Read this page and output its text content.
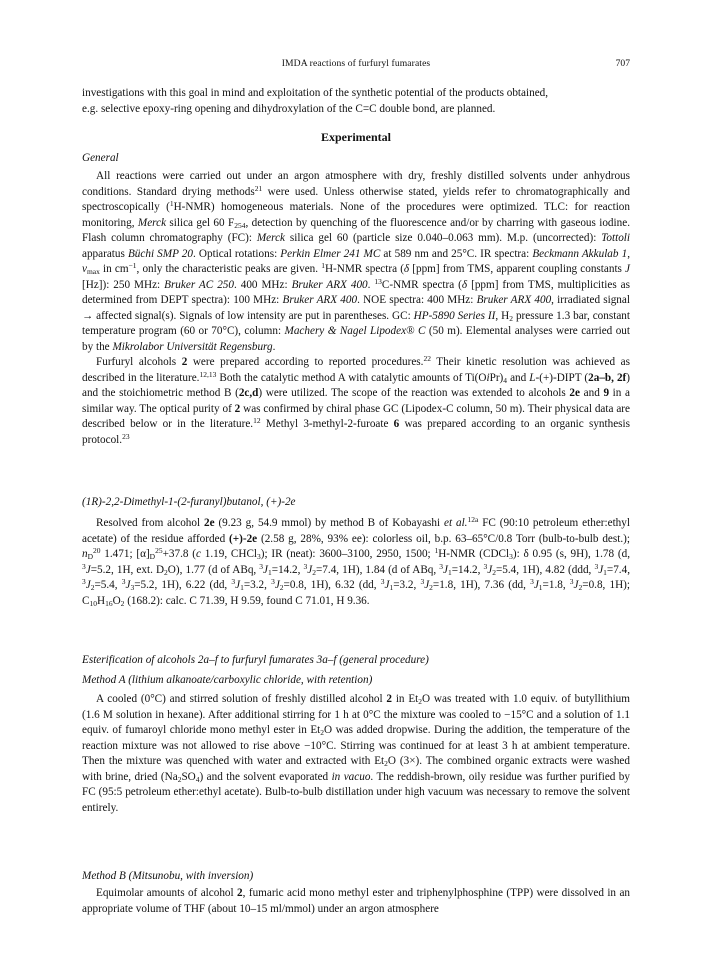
IMDA reactions of furfuryl fumarates	707

investigations with this goal in mind and exploitation of the synthetic potential of the products obtained,

e.g. selective epoxy-ring opening and dihydroxylation of the C=C double bond, are planned.

Experimental
General

All reactions were carried out under an argon atmosphere with dry, freshly distilled solvents under anhydrous conditions. Standard drying methods$^{21}$ were used. Unless otherwise stated, yields refer to chromatographically and spectroscopically ($^1$H-NMR) homogeneous materials. None of the procedures were optimized. TLC: for reaction monitoring, Merck silica gel 60 $F_{254}$, detection by quenching of the fluorescence and/or by charring with gaseous iodine. Flash column chromatography (FC): Merck silica gel 60 (particle size 0.040–0.063 mm). M.p. (uncorrected): Tottoli apparatus Büchi SMP 20. Optical rotations: Perkin Elmer 241 MC at 589 nm and 25°C. IR spectra: Beckmann Akkulab 1, $\nu_{max}$ in $cm^{-1}$, only the characteristic peaks are given. $^1$H-NMR spectra (δ [ppm] from TMS, apparent coupling constants J [Hz]): 250 MHz: Bruker AC 250. 400 MHz: Bruker ARX 400. $^{13}$C-NMR spectra (δ [ppm] from TMS, multiplicities as determined from DEPT spectra): 100 MHz: Bruker ARX 400. NOE spectra: 400 MHz: Bruker ARX 400, irradiated signal → affected signal(s). Signals of low intensity are put in parentheses. GC: HP-5890 Series II, $H_2$ pressure 1.3 bar, constant temperature program (60 or 70°C), column: Machery & Nagel Lipodex® C (50 m). Elemental analyses were carried out by the Mikrolabor Universität Regensburg.

Furfuryl alcohols 2 were prepared according to reported procedures.$^{22}$ Their kinetic resolution was achieved as described in the literature.$^{12,13}$ Both the catalytic method A with catalytic amounts of $Ti(OiPr)_4$ and L-(+)-DIPT (2a–b, 2f) and the stoichiometric method B (2c,d) were utilized. The scope of the reaction was extended to alcohols 2e and 9 in a similar way. The optical purity of 2 was confirmed by chiral phase GC (Lipodex-C column, 50 m). Their physical data are described below or in the literature.$^{12}$ Methyl 3-methyl-2-furoate 6 was prepared according to an organic synthesis protocol.$^{23}$

(1R)-2,2-Dimethyl-1-(2-furanyl)butanol, (+)-2e

Resolved from alcohol 2e (9.23 g, 54.9 mmol) by method B of Kobayashi et al.$^{12a}$ FC (90:10 petroleum ether:ethyl acetate) of the residue afforded (+)-2e (2.58 g, 28%, 93% ee): colorless oil, b.p. 63–65°C/0.8 Torr (bulb-to-bulb dest.); $n_D^{20}$ 1.471; $[\alpha]_D^{25}+37.8$ (c 1.19, CHCl$_3$); IR (neat): 3600–3100, 2950, 1500; $^1$H-NMR (CDCl$_3$): δ 0.95 (s, 9H), 1.78 (d, $^3$J=5.2, 1H, ext. $D_2O$), 1.77 (d of ABq, $^3J_1=14.2$, $^3J_2=7.4$, 1H), 1.84 (d of ABq, $^3J_1=14.2$, $^3J_2=5.4$, 1H), 4.82 (ddd, $^3J_1=7.4$, $^3J_2=5.4$, $^3J_3=5.2$, 1H), 6.22 (dd, $^3J_1=3.2$, $^3J_2=0.8$, 1H), 6.32 (dd, $^3J_1=3.2$, $^3J_2=1.8$, 1H), 7.36 (dd, $^3J_1=1.8$, $^3J_2=0.8$, 1H); $C_{10}H_{16}O_2$ (168.2): calc. C 71.39, H 9.59, found C 71.01, H 9.36.

Esterification of alcohols 2a–f to furfuryl fumarates 3a–f (general procedure)
Method A (lithium alkanoate/carboxylic chloride, with retention)

A cooled (0°C) and stirred solution of freshly distilled alcohol 2 in $Et_2O$ was treated with 1.0 equiv. of butyllithium (1.6 M solution in hexane). After additional stirring for 1 h at 0°C the mixture was cooled to −15°C and a solution of 1.1 equiv. of fumaroyl chloride mono methyl ester in $Et_2O$ was added dropwise. During the addition, the temperature of the reaction mixture was not allowed to rise above −10°C. Stirring was continued for at least 3 h at ambient temperature. Then the mixture was quenched with water and extracted with $Et_2O$ (3×). The combined organic extracts were washed with brine, dried $(Na_2SO_4)$ and the solvent evaporated in vacuo. The reddish-brown, oily residue was further purified by FC (95:5 petroleum ether:ethyl acetate). Bulb-to-bulb distillation under high vacuum was necessary to remove the solvent entirely.

Method B (Mitsunobu, with inversion)

Equimolar amounts of alcohol 2, fumaric acid mono methyl ester and triphenylphosphine (TPP) were dissolved in an appropriate volume of THF (about 10–15 ml/mmol) under an argon atmosphere
